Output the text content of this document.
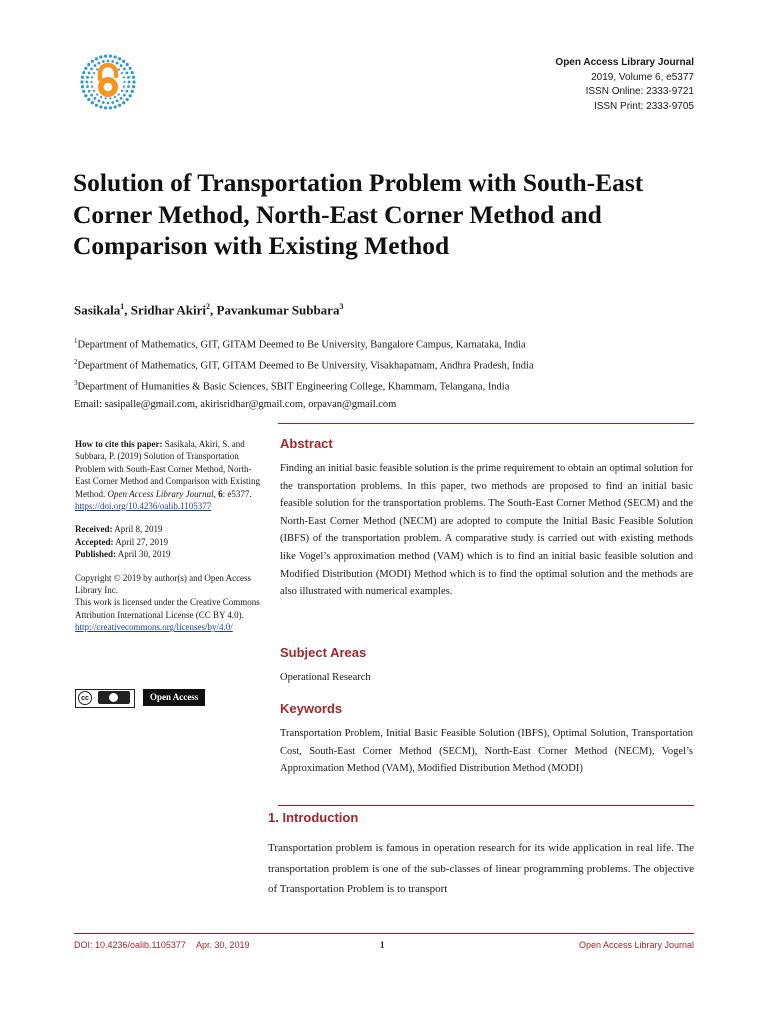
Open Access Library Journal
2019, Volume 6, e5377
ISSN Online: 2333-9721
ISSN Print: 2333-9705
Solution of Transportation Problem with South-East Corner Method, North-East Corner Method and Comparison with Existing Method
Sasikala$^1$, Sridhar Akiri$^2$, Pavankumar Subbara$^3$
$^1$Department of Mathematics, GIT, GITAM Deemed to Be University, Bangalore Campus, Karnataka, India
$^2$Department of Mathematics, GIT, GITAM Deemed to Be University, Visakhapatnam, Andhra Pradesh, India
$^3$Department of Humanities & Basic Sciences, SBIT Engineering College, Khammam, Telangana, India
Email: sasipalle@gmail.com, akirisridhar@gmail.com, orpavan@gmail.com

How to cite this paper: Sasikala, Akiri, S. and Subbara, P. (2019) Solution of Transportation Problem with South-East Corner Method, North-East Corner Method and Comparison with Existing Method. Open Access Library Journal, 6: e5377.
https://doi.org/10.4236/oalib.1105377

Received: April 8, 2019

Accepted: April 27, 2019

Published: April 30, 2019

Copyright © 2019 by author(s) and Open Access Library Inc.

This work is licensed under the Creative Commons Attribution International License (CC BY 4.0).

http://creativecommons.org/licenses/by/4.0/

cc	Open Access
Abstract

Finding an initial basic feasible solution is the prime requirement to obtain an optimal solution for the transportation problems. In this paper, two methods are proposed to find an initial basic feasible solution for the transportation problems. The South-East Corner Method (SECM) and the North-East Corner Method (NECM) are adopted to compute the Initial Basic Feasible Solution (IBFS) of the transportation problem. A comparative study is carried out with existing methods like Vogel’s approximation method (VAM) which is to find an initial basic feasible solution and Modified Distribution (MODI) Method which is to find the optimal solution and the methods are also illustrated with numerical examples.

Subject Areas

Operational Research

Keywords

Transportation Problem, Initial Basic Feasible Solution (IBFS), Optimal Solution, Transportation Cost, South-East Corner Method (SECM), North-East Corner Method (NECM), Vogel’s Approximation Method (VAM), Modified Distribution Method (MODI)

1. Introduction

Transportation problem is famous in operation research for its wide application in real life. The transportation problem is one of the sub-classes of linear programming problems. The objective of Transportation Problem is to transport

DOI: 10.4236/oalib.1105377 Apr. 30, 2019	1	Open Access Library Journal
